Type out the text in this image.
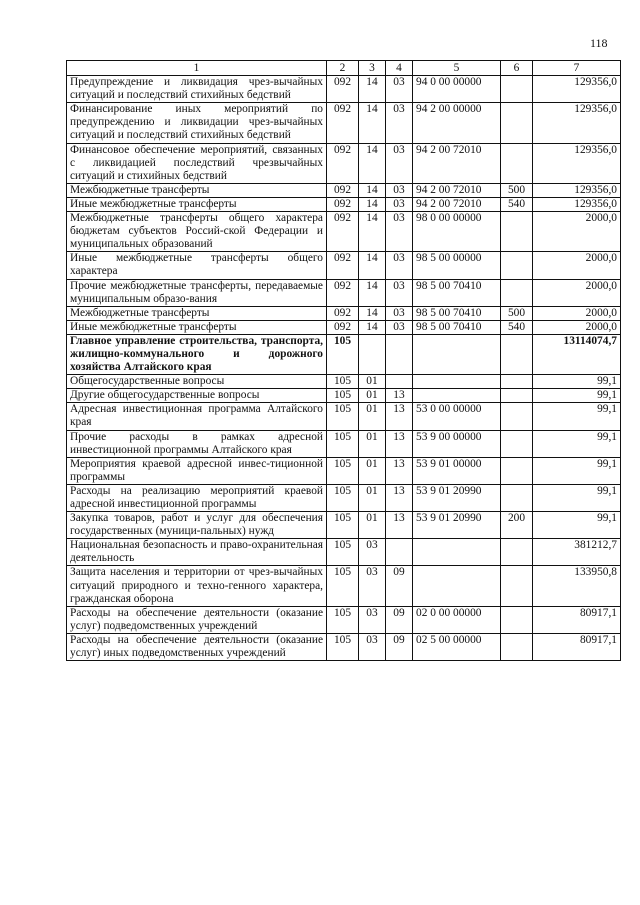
118
1	2	3	4	5	6	7
Предупреждение и ликвидация чрез-вычайных ситуаций и последствий стихийных бедствий	092	14	03	94 0 00 00000		129356,0
Финансирование иных мероприятий по предупреждению и ликвидации чрез-вычайных ситуаций и последствий стихийных бедствий	092	14	03	94 2 00 00000		129356,0
Финансовое обеспечение мероприятий, связанных с ликвидацией последствий чрезвычайных ситуаций и стихийных бедствий	092	14	03	94 2 00 72010		129356,0
Межбюджетные трансферты	092	14	03	94 2 00 72010	500	129356,0
Иные межбюджетные трансферты	092	14	03	94 2 00 72010	540	129356,0
Межбюджетные трансферты общего характера бюджетам субъектов Россий-ской Федерации и муниципальных образований	092	14	03	98 0 00 00000		2000,0
Иные межбюджетные трансферты общего характера	092	14	03	98 5 00 00000		2000,0
Прочие межбюджетные трансферты, передаваемые муниципальным образо-вания	092	14	03	98 5 00 70410		2000,0
Межбюджетные трансферты	092	14	03	98 5 00 70410	500	2000,0
Иные межбюджетные трансферты	092	14	03	98 5 00 70410	540	2000,0
Главное управление строительства, транспорта, жилищно-коммунального и дорожного хозяйства Алтайского края	105					13114074,7
Общегосударственные вопросы	105	01				99,1
Другие общегосударственные вопросы	105	01	13			99,1
Адресная инвестиционная программа Алтайского края	105	01	13	53 0 00 00000		99,1
Прочие расходы в рамках адресной инвестиционной программы Алтайского края	105	01	13	53 9 00 00000		99,1
Мероприятия краевой адресной инвес-тиционной программы	105	01	13	53 9 01 00000		99,1
Расходы на реализацию мероприятий краевой адресной инвестиционной программы	105	01	13	53 9 01 20990		99,1
Закупка товаров, работ и услуг для обеспечения государственных (муници-пальных) нужд	105	01	13	53 9 01 20990	200	99,1
Национальная безопасность и право-охранительная деятельность	105	03				381212,7
Защита населения и территории от чрез-вычайных ситуаций природного и техно-генного характера, гражданская оборона	105	03	09			133950,8
Расходы на обеспечение деятельности (оказание услуг) подведомственных учреждений	105	03	09	02 0 00 00000		80917,1
Расходы на обеспечение деятельности (оказание услуг) иных подведомственных учреждений	105	03	09	02 5 00 00000		80917,1
